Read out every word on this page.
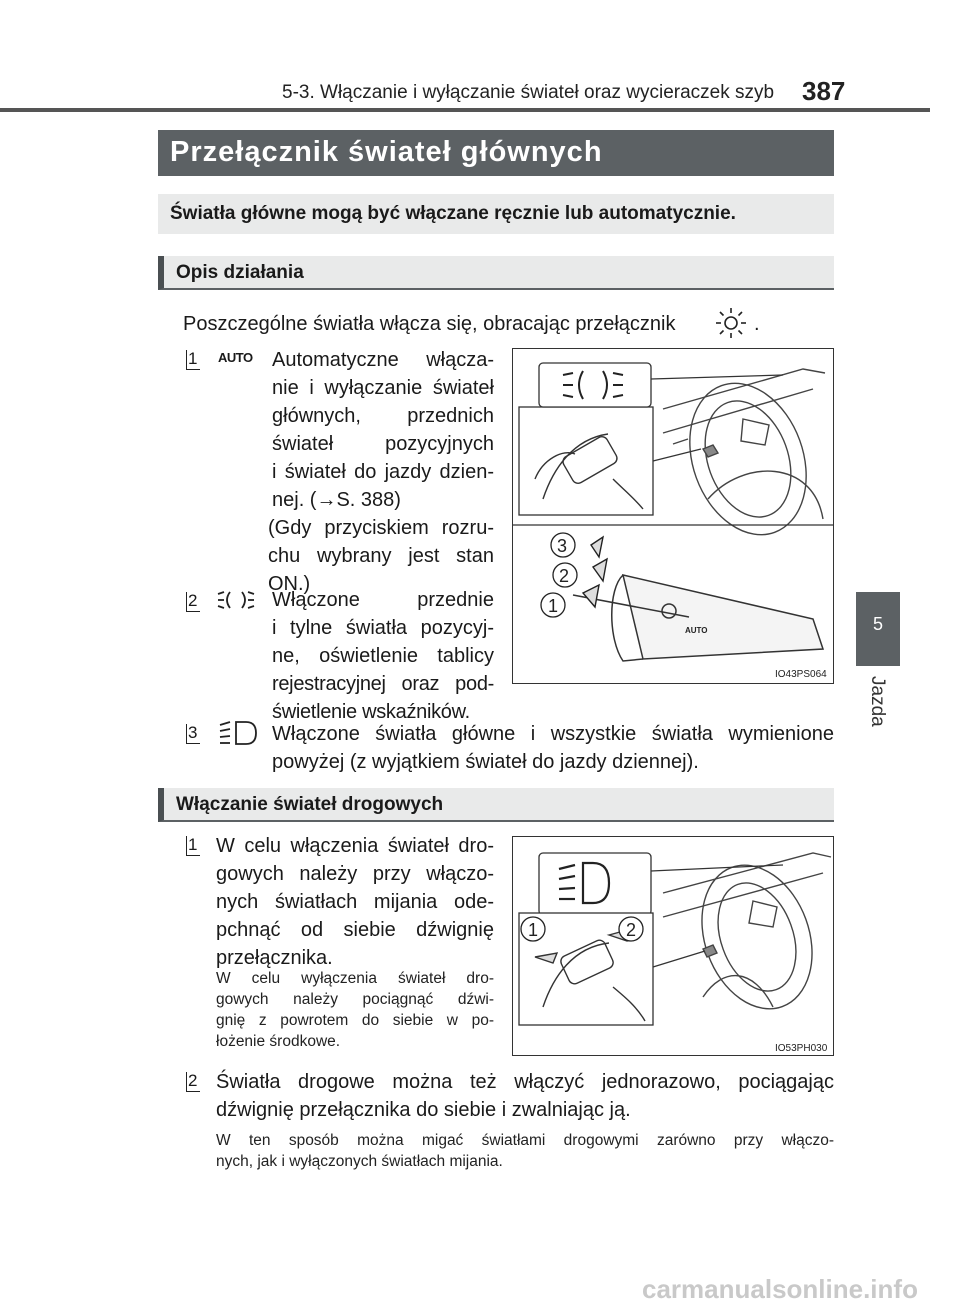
5-3. Włączanie i wyłączanie świateł oraz wycieraczek szyb 387
5
Jazda
Przełącznik świateł głównych
Światła główne mogą być włączane ręcznie lub automatycznie.
Opis działania
Poszczególne światła włącza się, obracając przełącznik	.
1 AUTO Automatyczne włącza-
nie i wyłączanie świateł
głównych, przednich
świateł pozycyjnych
i świateł do jazdy dzien-
nej. (→S. 388)
(Gdy przyciskiem rozru-
chu wybrany jest stan
ON.)
2	Włączone przednie
i tylne światła pozycyj-
ne, oświetlenie tablicy
rejestracyjnej oraz pod-
świetlenie wskaźników.
AUTO
3
2
1
IO43PS064
3	Włączone światła główne i wszystkie światła wymienione
powyżej (z wyjątkiem świateł do jazdy dziennej).
Włączanie świateł drogowych
1 W celu włączenia świateł dro-
gowych należy przy włączo-
nych światłach mijania ode-
pchnąć od siebie dźwignię
przełącznika.
W celu wyłączenia świateł dro-
gowych należy pociągnąć dźwi-
gnię z powrotem do siebie w po-
łożenie środkowe.
1	2
IO53PH030
2 Światła drogowe można też włączyć jednorazowo, pociągając
dźwignię przełącznika do siebie i zwalniając ją.
W ten sposób można migać światłami drogowymi zarówno przy włączo-
nych, jak i wyłączonych światłach mijania.
carmanualsonline.info
